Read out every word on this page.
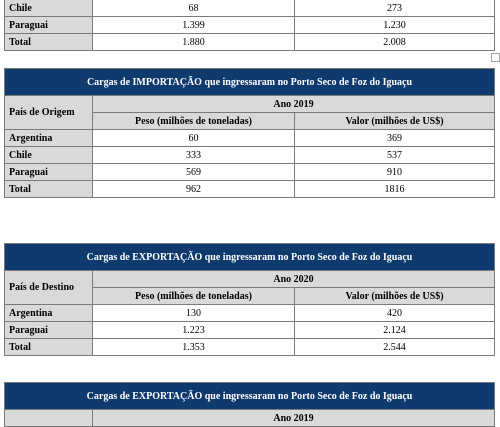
Chile	68	273
Paraguai	1.399	1.230
Total	1.880	2.008
Cargas de IMPORTAÇÃO que ingressaram no Porto Seco de Foz do Iguaçu		
País de Origem	Ano 2019	
	Peso (milhões de toneladas)	Valor (milhões de US$)
Argentina	60	369
Chile	333	537
Paraguai	569	910
Total	962	1816
Cargas de EXPORTAÇÃO que ingressaram no Porto Seco de Foz do Iguaçu		
País de Destino	Ano 2020	
	Peso (milhões de toneladas)	Valor (milhões de US$)
Argentina	130	420
Paraguai	1.223	2.124
Total	1.353	2.544
Cargas de EXPORTAÇÃO que ingressaram no Porto Seco de Foz do Iguaçu
	Ano 2019
